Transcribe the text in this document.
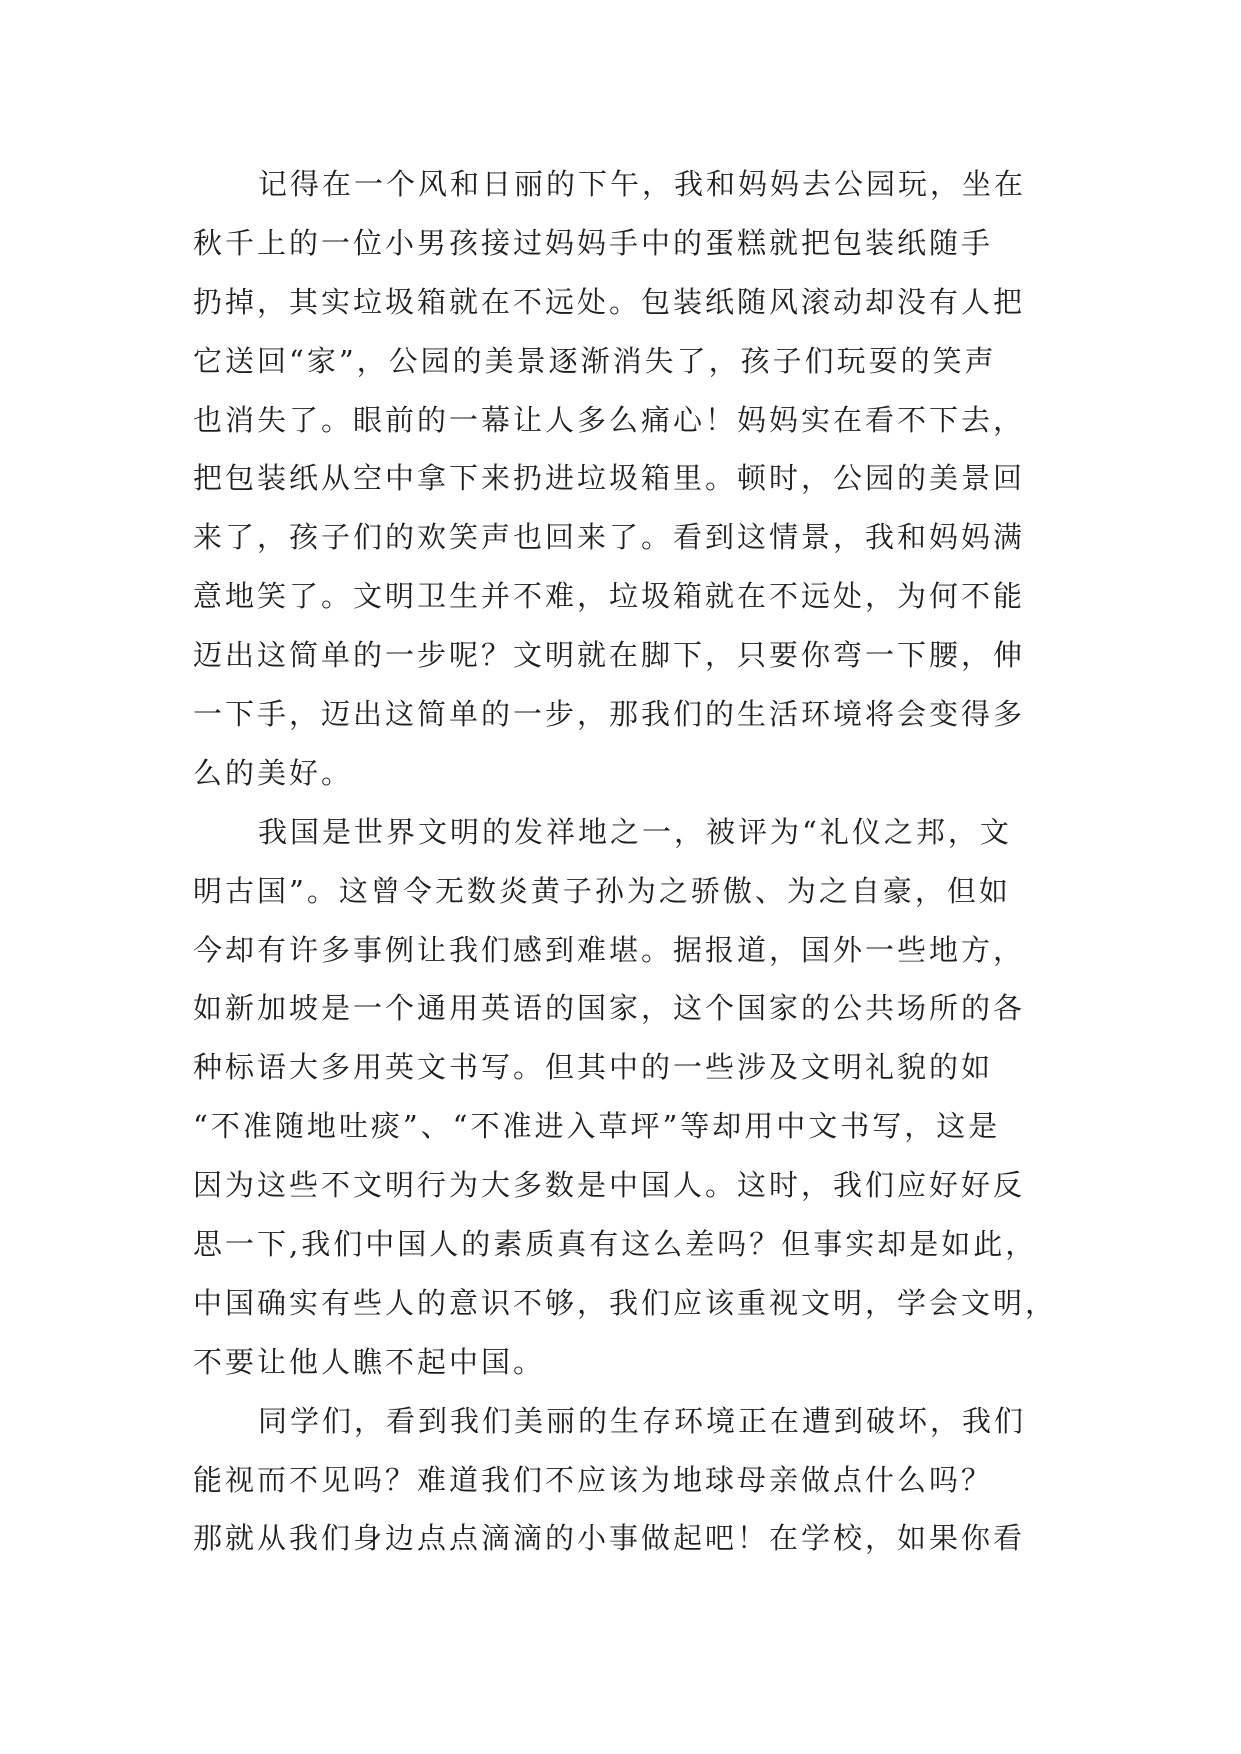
记得在一个风和日丽的下午，我和妈妈去公园玩，坐在
秋千上的一位小男孩接过妈妈手中的蛋糕就把包装纸随手
扔掉，其实垃圾箱就在不远处。包装纸随风滚动却没有人把
它送回“家”，公园的美景逐渐消失了，孩子们玩耍的笑声
也消失了。眼前的一幕让人多么痛心！妈妈实在看不下去，
把包装纸从空中拿下来扔进垃圾箱里。顿时，公园的美景回
来了，孩子们的欢笑声也回来了。看到这情景，我和妈妈满
意地笑了。文明卫生并不难，垃圾箱就在不远处，为何不能
迈出这简单的一步呢？文明就在脚下，只要你弯一下腰，伸
一下手，迈出这简单的一步，那我们的生活环境将会变得多
么的美好。
我国是世界文明的发祥地之一，被评为“礼仪之邦，文
明古国”。这曾令无数炎黄子孙为之骄傲、为之自豪，但如
今却有许多事例让我们感到难堪。据报道，国外一些地方，
如新加坡是一个通用英语的国家，这个国家的公共场所的各
种标语大多用英文书写。但其中的一些涉及文明礼貌的如
“不准随地吐痰”、“不准进入草坪”等却用中文书写，这是
因为这些不文明行为大多数是中国人。这时，我们应好好反
思一下,我们中国人的素质真有这么差吗？但事实却是如此，
中国确实有些人的意识不够，我们应该重视文明，学会文明，
不要让他人瞧不起中国。
同学们，看到我们美丽的生存环境正在遭到破坏，我们
能视而不见吗？难道我们不应该为地球母亲做点什么吗？
那就从我们身边点点滴滴的小事做起吧！在学校，如果你看
